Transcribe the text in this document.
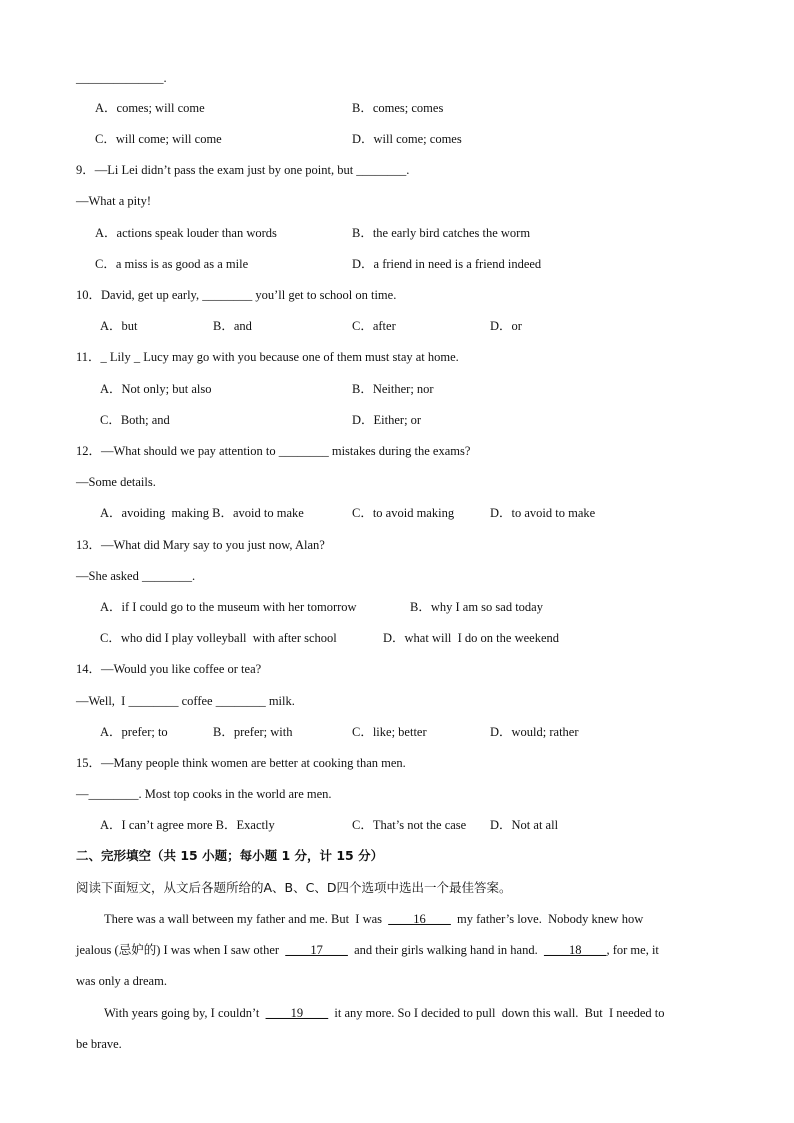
______________.
A．comes; will come	B．comes; comes
C．will come; will come	D．will come; comes
9．—Li Lei didn’t pass the exam just by one point, but ________.
—What a pity!
A．actions speak louder than words	B．the early bird catches the worm
C．a miss is as good as a mile	D．a friend in need is a friend indeed
10．David, get up early, ________ you’ll get to school on time.
A．but	B．and	C．after	D．or
11．_ Lily _ Lucy may go with you because one of them must stay at home.
A．Not only; but also	B．Neither; nor
C．Both; and	D．Either; or
12．—What should we pay attention to ________ mistakes during the exams?
—Some details.
A．avoiding  making B．avoid to make	C．to avoid making	D．to avoid to make
13．—What did Mary say to you just now, Alan?
—She asked ________.
A．if I could go to the museum with her tomorrow	B．why I am so sad today
C．who did I play volleyball  with after school	D．what will  I do on the weekend
14．—Would you like coffee or tea?
—Well,  I ________ coffee ________ milk.
A．prefer; to	B．prefer; with	C．like; better	D．would; rather
15．—Many people think women are better at cooking than men.
—________. Most top cooks in the world are men.
A．I can’t agree more B．Exactly	C．That’s not the case D．Not at all
二、完形填空（共 15 小题；每小题 1 分，计 15 分）
阅读下面短文，从文后各题所给的A、B、C、D四个选项中选出一个最佳答案。
There was a wall between my father and me. But  I was  ____16____  my father’s love.  Nobody knew how
jealous (忌妒的) I was when I saw other  ____17____  and their girls walking hand in hand.  ____18____, for me, it
was only a dream.
With years going by, I couldn’t  ____19____  it any more. So I decided to pull  down this wall.  But  I needed to
be brave.
